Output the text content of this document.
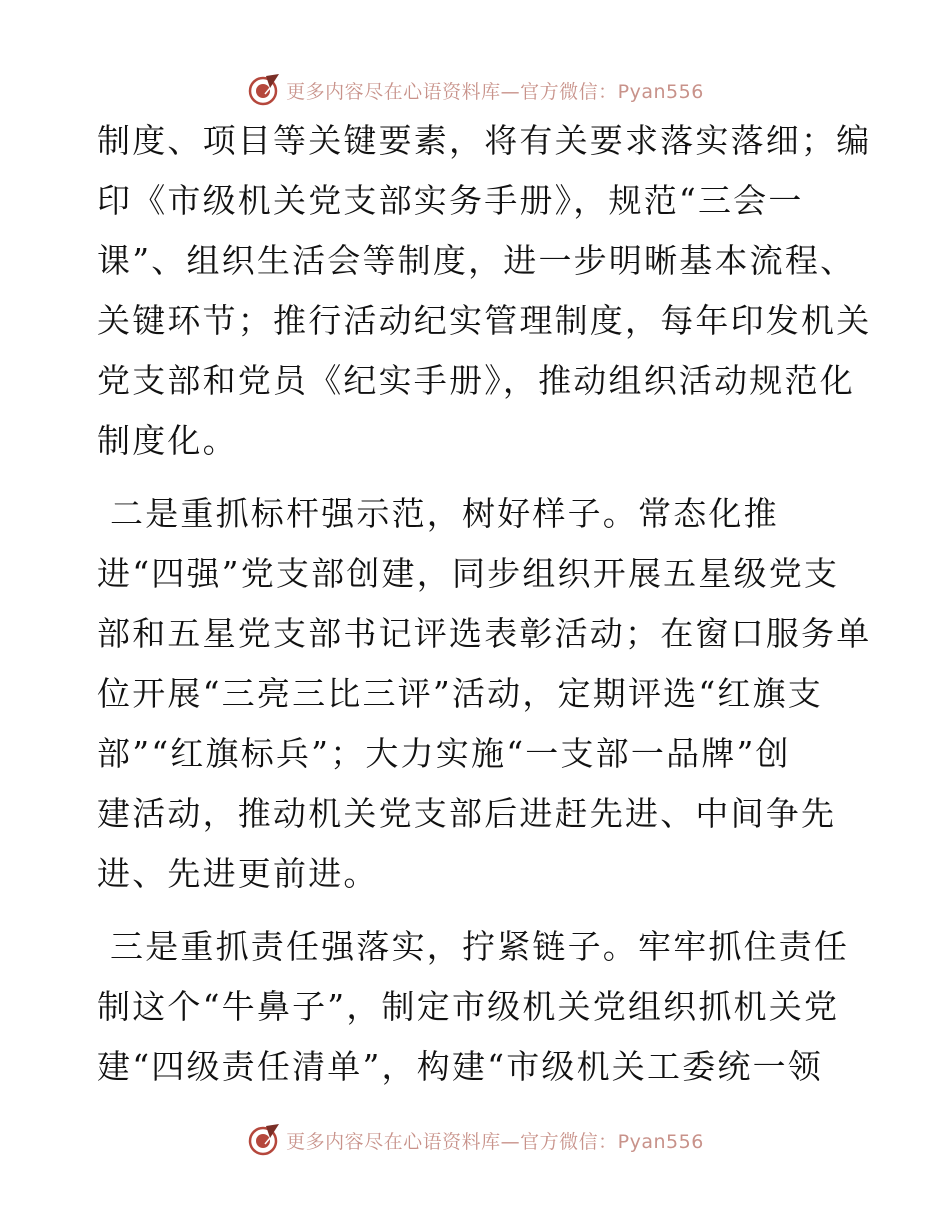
更多内容尽在心语资料库—官方微信：Pyan556
制度、项目等关键要素，将有关要求落实落细；编
印《市级机关党支部实务手册》，规范“三会一
课”、组织生活会等制度，进一步明晰基本流程、
关键环节；推行活动纪实管理制度，每年印发机关
党支部和党员《纪实手册》，推动组织活动规范化
制度化。
二是重抓标杆强示范，树好样子。常态化推
进“四强”党支部创建，同步组织开展五星级党支
部和五星党支部书记评选表彰活动；在窗口服务单
位开展“三亮三比三评”活动，定期评选“红旗支
部”“红旗标兵”；大力实施“一支部一品牌”创
建活动，推动机关党支部后进赶先进、中间争先
进、先进更前进。
三是重抓责任强落实，拧紧链子。牢牢抓住责任
制这个“牛鼻子”，制定市级机关党组织抓机关党
建“四级责任清单”，构建“市级机关工委统一领
更多内容尽在心语资料库—官方微信：Pyan556
